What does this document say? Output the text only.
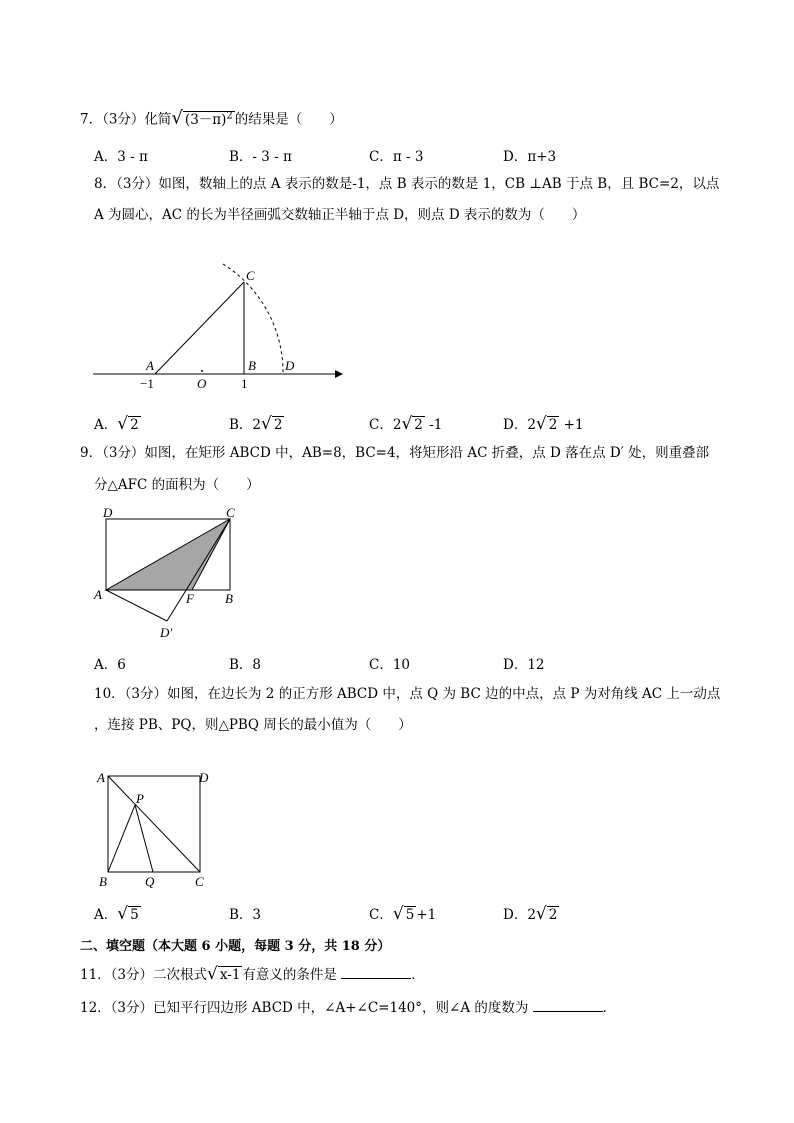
7．（3分）化简√ $(3-\pi)^2$ 的结果是（　　）
A．3 - π	B．- 3 - π	C．π - 3	D．π+3
8．（3分）如图，数轴上的点 A 表示的数是-1，点 B 表示的数是 1，CB ⊥AB 于点 B，且 BC=2，以点
A 为圆心，AC 的长为半径画弧交数轴正半轴于点 D，则点 D 表示的数为（　　）
C
A	B D
O
−1	1
A．√ 2	B．2√ 2	C．2√ 2 -1	D．2√ 2 +1
9．（3分）如图，在矩形 ABCD 中，AB=8，BC=4，将矩形沿 AC 折叠，点 D 落在点 D′ 处，则重叠部
分△AFC 的面积为（　　）
D	C
A	F B
D′
A．6	B．8	C．10	D．12
10．（3分）如图，在边长为 2 的正方形 ABCD 中，点 Q 为 BC 边的中点，点 P 为对角线 AC 上一动点
，连接 PB、PQ，则△PBQ 周长的最小值为（　　）
A	D
P
B	Q	C
A．√ 5	B．3	C．√ 5 +1	D．2√ 2
二、填空题（本大题 6 小题，每题 3 分，共 18 分）
11．（3分）二次根式√ x-1 有意义的条件是	．
12．（3分）已知平行四边形 ABCD 中，∠A+∠C=140°，则∠A 的度数为	．
